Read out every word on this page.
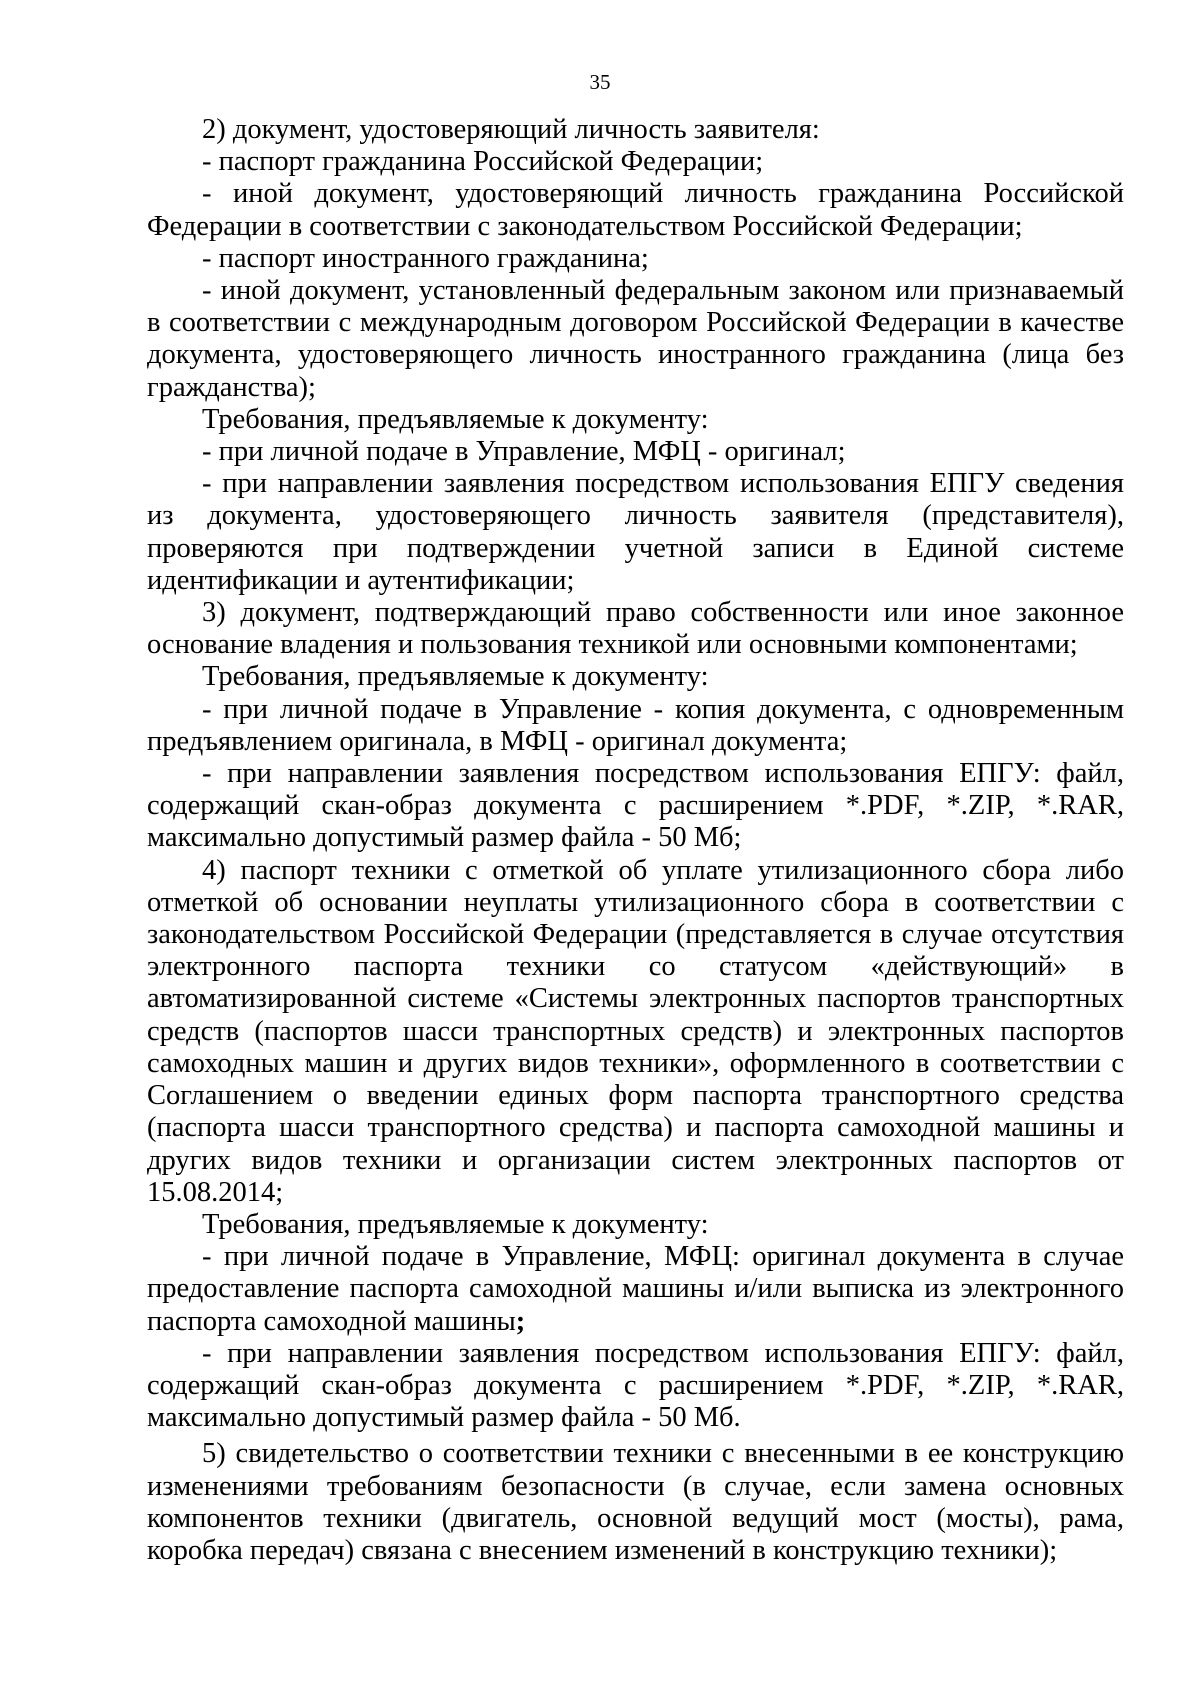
35

2) документ, удостоверяющий личность заявителя:

- паспорт гражданина Российской Федерации;

- иной документ, удостоверяющий личность гражданина Российской Федерации в соответствии с законодательством Российской Федерации;

- паспорт иностранного гражданина;

- иной документ, установленный федеральным законом или признаваемый в соответствии с международным договором Российской Федерации в качестве документа, удостоверяющего личность иностранного гражданина (лица без гражданства);

Требования, предъявляемые к документу:

- при личной подаче в Управление, МФЦ - оригинал;

- при направлении заявления посредством использования ЕПГУ сведения из документа, удостоверяющего личность заявителя (представителя), проверяются при подтверждении учетной записи в Единой системе идентификации и аутентификации;

3) документ, подтверждающий право собственности или иное законное основание владения и пользования техникой или основными компонентами;

Требования, предъявляемые к документу:

- при личной подаче в Управление - копия документа, с одновременным предъявлением оригинала, в МФЦ - оригинал документа;

- при направлении заявления посредством использования ЕПГУ: файл, содержащий скан-образ документа с расширением *.PDF, *.ZIP, *.RAR, максимально допустимый размер файла - 50 Мб;

4) паспорт техники с отметкой об уплате утилизационного сбора либо отметкой об основании неуплаты утилизационного сбора в соответствии с законодательством Российской Федерации (представляется в случае отсутствия электронного паспорта техники со статусом «действующий» в автоматизированной системе «Системы электронных паспортов транспортных средств (паспортов шасси транспортных средств) и электронных паспортов самоходных машин и других видов техники», оформленного в соответствии с Соглашением о введении единых форм паспорта транспортного средства (паспорта шасси транспортного средства) и паспорта самоходной машины и других видов техники и организации систем электронных паспортов от 15.08.2014;

Требования, предъявляемые к документу:

- при личной подаче в Управление, МФЦ: оригинал документа в случае предоставление паспорта самоходной машины и/или выписка из электронного паспорта самоходной машины;

- при направлении заявления посредством использования ЕПГУ: файл, содержащий скан-образ документа с расширением *.PDF, *.ZIP, *.RAR, максимально допустимый размер файла - 50 Мб.

5) свидетельство о соответствии техники с внесенными в ее конструкцию изменениями требованиям безопасности (в случае, если замена основных компонентов техники (двигатель, основной ведущий мост (мосты), рама, коробка передач) связана с внесением изменений в конструкцию техники);
